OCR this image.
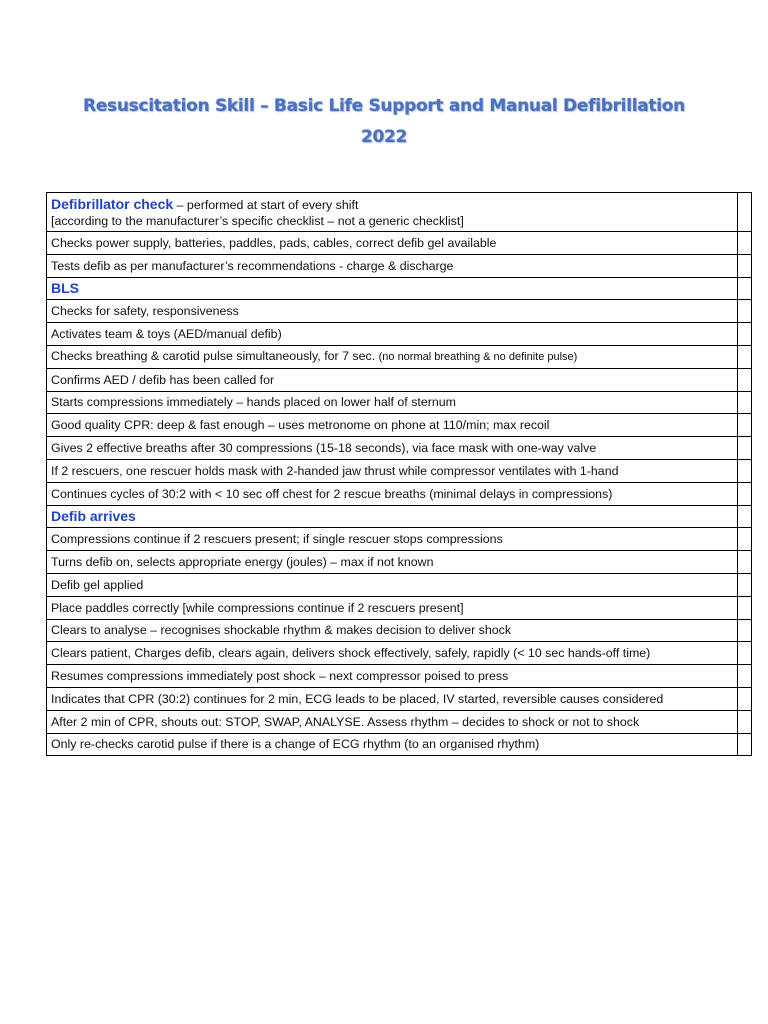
Resuscitation Skill – Basic Life Support and Manual Defibrillation
2022
Defibrillator check – performed at start of every shift
[according to the manufacturer’s specific checklist – not a generic checklist]	
Checks power supply, batteries, paddles, pads, cables, correct defib gel available	
Tests defib as per manufacturer’s recommendations - charge & discharge	
BLS	
Checks for safety, responsiveness	
Activates team & toys (AED/manual defib)	
Checks breathing & carotid pulse simultaneously, for 7 sec. (no normal breathing & no definite pulse)	
Confirms AED / defib has been called for	
Starts compressions immediately – hands placed on lower half of sternum	
Good quality CPR: deep & fast enough – uses metronome on phone at 110/min; max recoil	
Gives 2 effective breaths after 30 compressions (15-18 seconds), via face mask with one-way valve	
If 2 rescuers, one rescuer holds mask with 2-handed jaw thrust while compressor ventilates with 1-hand	
Continues cycles of 30:2 with < 10 sec off chest for 2 rescue breaths (minimal delays in compressions)	
Defib arrives	
Compressions continue if 2 rescuers present; if single rescuer stops compressions	
Turns defib on, selects appropriate energy (joules) – max if not known	
Defib gel applied	
Place paddles correctly [while compressions continue if 2 rescuers present]	
Clears to analyse – recognises shockable rhythm & makes decision to deliver shock	
Clears patient, Charges defib, clears again, delivers shock effectively, safely, rapidly (< 10 sec hands-off time)	
Resumes compressions immediately post shock – next compressor poised to press	
Indicates that CPR (30:2) continues for 2 min, ECG leads to be placed, IV started, reversible causes considered	
After 2 min of CPR, shouts out: STOP, SWAP, ANALYSE. Assess rhythm – decides to shock or not to shock	
Only re-checks carotid pulse if there is a change of ECG rhythm (to an organised rhythm)	
